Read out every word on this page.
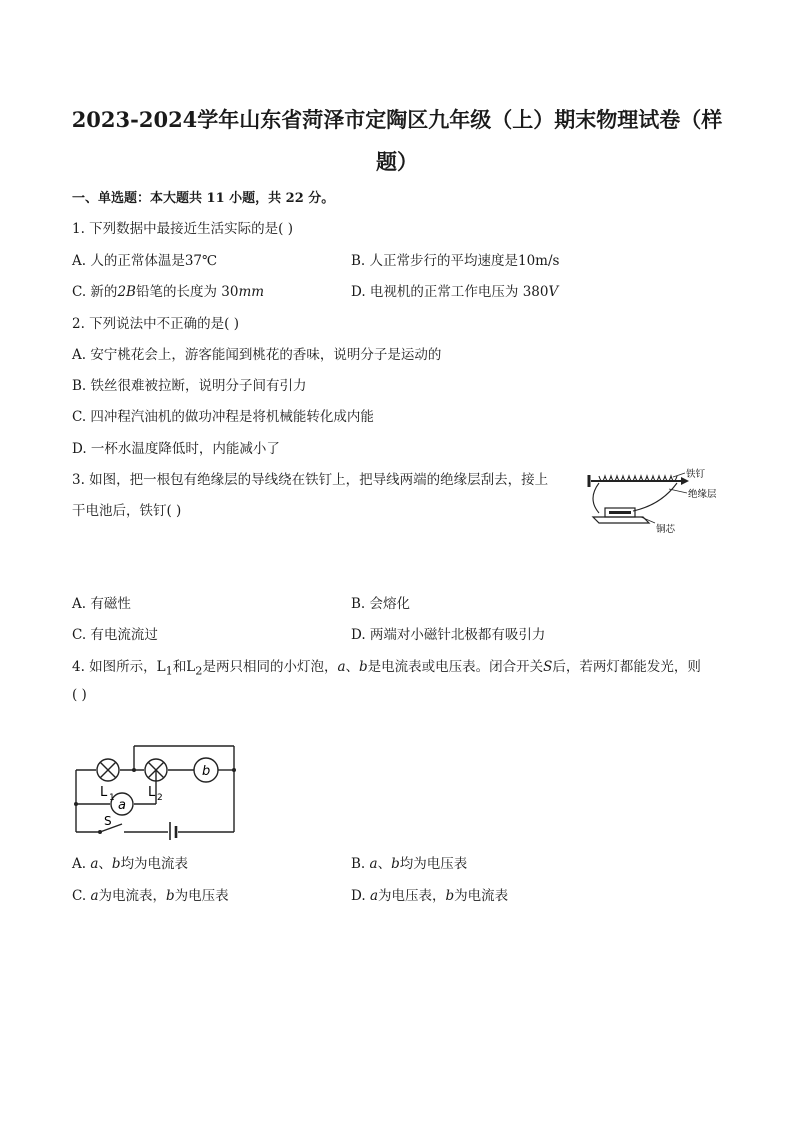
2023-2024学年山东省菏泽市定陶区九年级（上）期末物理试卷（样
题）
一、单选题：本大题共 11 小题，共 22 分。
1. 下列数据中最接近生活实际的是( )
A. 人的正常体温是37℃	B. 人正常步行的平均速度是10m/s
C. 新的2B铅笔的长度为 30mm	D. 电视机的正常工作电压为 380V
2. 下列说法中不正确的是( )
A. 安宁桃花会上，游客能闻到桃花的香味，说明分子是运动的
B. 铁丝很难被拉断，说明分子间有引力
C. 四冲程汽油机的做功冲程是将机械能转化成内能
D. 一杯水温度降低时，内能减小了
3. 如图，把一根包有绝缘层的导线绕在铁钉上，把导线两端的绝缘层刮去，接上
干电池后，铁钉( )
铁钉
绝缘层
铜芯
A. 有磁性	B. 会熔化
C. 有电流流过	D. 两端对小磁针北极都有吸引力
4. 如图所示，$L_1$和$L_2$是两只相同的小灯泡，a、b是电流表或电压表。闭合开关S后，若两灯都能发光，则
( )
b
a
L 1	L 2
S
A. a、b均为电流表	B. a、b均为电压表
C. a为电流表，b为电压表	D. a为电压表，b为电流表
